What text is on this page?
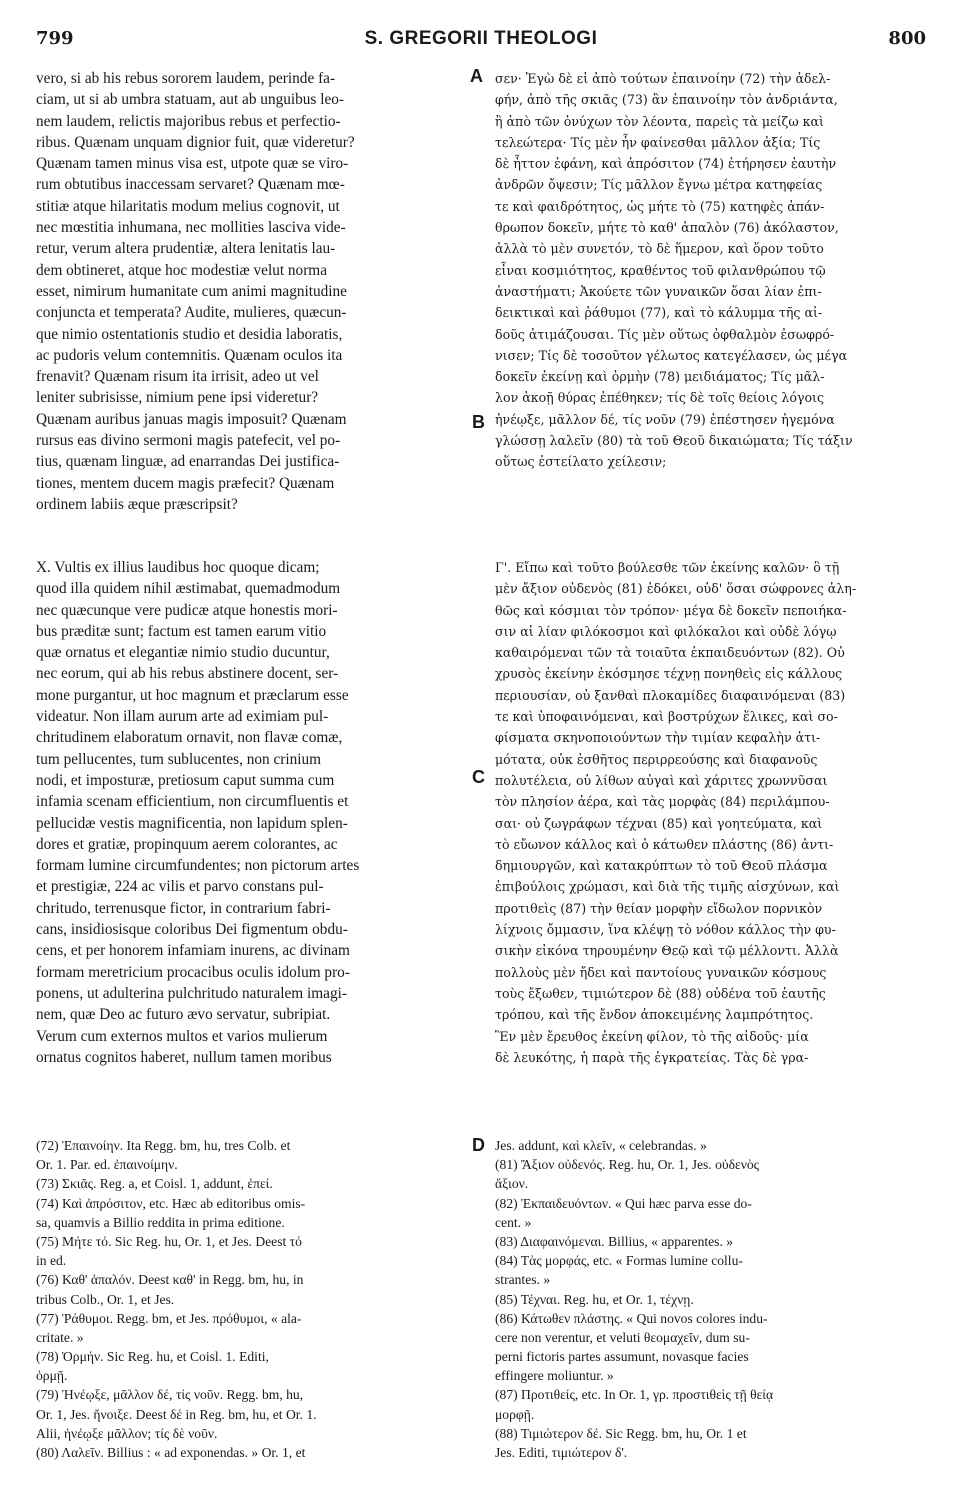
799	S. GREGORII THEOLOGI	800
vero, si ab his rebus sororem laudem, perinde fa-
ciam, ut si ab umbra statuam, aut ab unguibus leo-
nem laudem, relictis majoribus rebus et perfectio-
ribus. Quænam unquam dignior fuit, quæ videretur?
Quænam tamen minus visa est, utpote quæ se viro-
rum obtutibus inaccessam servaret? Quænam mœ-
stitiæ atque hilaritatis modum melius cognovit, ut
nec mœstitia inhumana, nec mollities lasciva vide-
retur, verum altera prudentiæ, altera lenitatis lau-
dem obtineret, atque hoc modestiæ velut norma
esset, nimirum humanitate cum animi magnitudine
conjuncta et temperata? Audite, mulieres, quæcun-
que nimio ostentationis studio et desidia laboratis,
ac pudoris velum contemnitis. Quænam oculos ita
frenavit? Quænam risum ita irrisit, adeo ut vel
leniter subrisisse, nimium pene ipsi videretur?
Quænam auribus januas magis imposuit? Quænam
rursus eas divino sermoni magis patefecit, vel po-
tius, quænam linguæ, ad enarrandas Dei justifica-
tiones, mentem ducem magis præfecit? Quænam
ordinem labiis æque præscripsit?
σεν· Ἐγὼ δὲ εἰ ἀπὸ τούτων ἐπαινοίην (72) τὴν ἀδελ-
φήν, ἀπὸ τῆς σκιᾶς (73) ἂν ἐπαινοίην τὸν ἀνδριάντα,
ἢ ἀπὸ τῶν ὀνύχων τὸν λέοντα, παρεὶς τὰ μείζω καὶ
τελεώτερα· Τίς μὲν ἦν φαίνεσθαι μᾶλλον ἀξία; Τίς
δὲ ἧττον ἐφάνη, καὶ ἀπρόσιτον (74) ἐτήρησεν ἑαυτὴν
ἀνδρῶν ὄψεσιν; Τίς μᾶλλον ἔγνω μέτρα κατηφείας
τε καὶ φαιδρότητος, ὡς μήτε τὸ (75) κατηφὲς ἀπάν-
θρωπον δοκεῖν, μήτε τὸ καθ' ἁπαλὸν (76) ἀκόλαστον,
ἀλλὰ τὸ μὲν συνετόν, τὸ δὲ ἥμερον, καὶ ὅρον τοῦτο
εἶναι κοσμιότητος, κραθέντος τοῦ φιλανθρώπου τῷ
ἀναστήματι; Ἀκούετε τῶν γυναικῶν ὅσαι λίαν ἐπι-
δεικτικαὶ καὶ ῥάθυμοι (77), καὶ τὸ κάλυμμα τῆς αἰ-
δοῦς ἀτιμάζουσαι. Τίς μὲν οὕτως ὀφθαλμὸν ἐσωφρό-
νισεν; Τίς δὲ τοσοῦτον γέλωτος κατεγέλασεν, ὡς μέγα
δοκεῖν ἐκείνῃ καὶ ὁρμὴν (78) μειδιάματος; Τίς μᾶλ-
λον ἀκοῇ θύρας ἐπέθηκεν; τίς δὲ τοῖς θείοις λόγοις
ἠνέῳξε, μᾶλλον δέ, τίς νοῦν (79) ἐπέστησεν ἡγεμόνα
γλώσσῃ λαλεῖν (80) τὰ τοῦ Θεοῦ δικαιώματα; Τίς τάξιν
οὕτως ἐστείλατο χείλεσιν;
X. Vultis ex illius laudibus hoc quoque dicam;
quod illa quidem nihil æstimabat, quemadmodum
nec quæcunque vere pudicæ atque honestis mori-
bus præditæ sunt; factum est tamen earum vitio
quæ ornatus et elegantiæ nimio studio ducuntur,
nec eorum, qui ab his rebus abstinere docent, ser-
mone purgantur, ut hoc magnum et præclarum esse
videatur. Non illam aurum arte ad eximiam pul-
chritudinem elaboratum ornavit, non flavæ comæ,
tum pellucentes, tum sublucentes, non crinium
nodi, et imposturæ, pretiosum caput summa cum
infamia scenam efficientium, non circumfluentis et
pellucidæ vestis magnificentia, non lapidum splen-
dores et gratiæ, propinquum aerem colorantes, ac
formam lumine circumfundentes; non pictorum artes
et prestigiæ, 224 ac vilis et parvo constans pul-
chritudo, terrenusque fictor, in contrarium fabri-
cans, insidiosisque coloribus Dei figmentum obdu-
cens, et per honorem infamiam inurens, ac divinam
formam meretricium procacibus oculis idolum pro-
ponens, ut adulterina pulchritudo naturalem imagi-
nem, quæ Deo ac futuro ævo servatur, subripiat.
Verum cum externos multos et varios mulierum
ornatus cognitos haberet, nullum tamen moribus
Γ'. Εἴπω καὶ τοῦτο βούλεσθε τῶν ἐκείνης καλῶν· ὃ τῇ
μὲν ἄξιον οὐδενὸς (81) ἐδόκει, οὐδ' ὅσαι σώφρονες ἀλη-
θῶς καὶ κόσμιαι τὸν τρόπον· μέγα δὲ δοκεῖν πεποιήκα-
σιν αἱ λίαν φιλόκοσμοι καὶ φιλόκαλοι καὶ οὐδὲ λόγῳ
καθαιρόμεναι τῶν τὰ τοιαῦτα ἐκπαιδευόντων (82). Οὐ
χρυσὸς ἐκείνην ἐκόσμησε τέχνῃ πονηθεὶς εἰς κάλλους
περιουσίαν, οὐ ξανθαὶ πλοκαμίδες διαφαινόμεναι (83)
τε καὶ ὑποφαινόμεναι, καὶ βοστρύχων ἕλικες, καὶ σο-
φίσματα σκηνοποιούντων τὴν τιμίαν κεφαλὴν ἀτι-
μότατα, οὐκ ἐσθῆτος περιρρεούσης καὶ διαφανοῦς
πολυτέλεια, οὐ λίθων αὐγαὶ καὶ χάριτες χρωννῦσαι
τὸν πλησίον ἀέρα, καὶ τὰς μορφὰς (84) περιλάμπου-
σαι· οὐ ζωγράφων τέχναι (85) καὶ γοητεύματα, καὶ
τὸ εὔωνον κάλλος καὶ ὁ κάτωθεν πλάστης (86) ἀντι-
δημιουργῶν, καὶ κατακρύπτων τὸ τοῦ Θεοῦ πλάσμα
ἐπιβούλοις χρώμασι, καὶ διὰ τῆς τιμῆς αἰσχύνων, καὶ
προτιθεὶς (87) τὴν θείαν μορφὴν εἴδωλον πορνικὸν
λίχνοις ὄμμασιν, ἵνα κλέψῃ τὸ νόθον κάλλος τὴν φυ-
σικὴν εἰκόνα τηρουμένην Θεῷ καὶ τῷ μέλλοντι. Ἀλλὰ
πολλοὺς μὲν ἤδει καὶ παντοίους γυναικῶν κόσμους
τοὺς ἔξωθεν, τιμιώτερον δὲ (88) οὐδένα τοῦ ἑαυτῆς
τρόπου, καὶ τῆς ἔνδον ἀποκειμένης λαμπρότητος.
Ἓν μὲν ἔρευθος ἐκείνη φίλον, τὸ τῆς αἰδοῦς· μία
δὲ λευκότης, ἡ παρὰ τῆς ἐγκρατείας. Τὰς δὲ γρα-
A
B
C
D
(72) Ἐπαινοίην. Ita Regg. bm, hu, tres Colb. et
Or. 1. Par. ed. ἐπαινοίμην.
(73) Σκιᾶς. Reg. a, et Coisl. 1, addunt, ἐπεί.
(74) Καὶ ἀπρόσιτον, etc. Hæc ab editoribus omis-
sa, quamvis a Billio reddita in prima editione.
(75) Μήτε τό. Sic Reg. hu, Or. 1, et Jes. Deest τό
in ed.
(76) Καθ' ἁπαλόν. Deest καθ' in Regg. bm, hu, in
tribus Colb., Or. 1, et Jes.
(77) Ῥάθυμοι. Regg. bm, et Jes. πρόθυμοι, « ala-
critate. »
(78) Ὁρμήν. Sic Reg. hu, et Coisl. 1. Editi,
ὁρμῇ.
(79) Ἠνέῳξε, μᾶλλον δέ, τίς νοῦν. Regg. bm, hu,
Or. 1, Jes. ἤνοιξε. Deest δέ in Reg. bm, hu, et Or. 1.
Alii, ἠνέῳξε μᾶλλον; τίς δὲ νοῦν.
(80) Λαλεῖν. Billius : « ad exponendas. » Or. 1, et
Jes. addunt, καὶ κλεῖν, « celebrandas. »
(81) Ἄξιον οὐδενός. Reg. hu, Or. 1, Jes. οὐδενὸς
ἄξιον.
(82) Ἐκπαιδευόντων. « Qui hæc parva esse do-
cent. »
(83) Διαφαινόμεναι. Billius, « apparentes. »
(84) Τὰς μορφάς, etc. « Formas lumine collu-
strantes. »
(85) Τέχναι. Reg. hu, et Or. 1, τέχνῃ.
(86) Κάτωθεν πλάστης. « Qui novos colores indu-
cere non verentur, et veluti θεομαχεῖν, dum su-
perni fictoris partes assumunt, novasque facies
effingere moliuntur. »
(87) Προτιθείς, etc. In Or. 1, γρ. προστιθεὶς τῇ θείᾳ
μορφῇ.
(88) Τιμιώτερον δέ. Sic Regg. bm, hu, Or. 1 et
Jes. Editi, τιμιώτερον δ'.
